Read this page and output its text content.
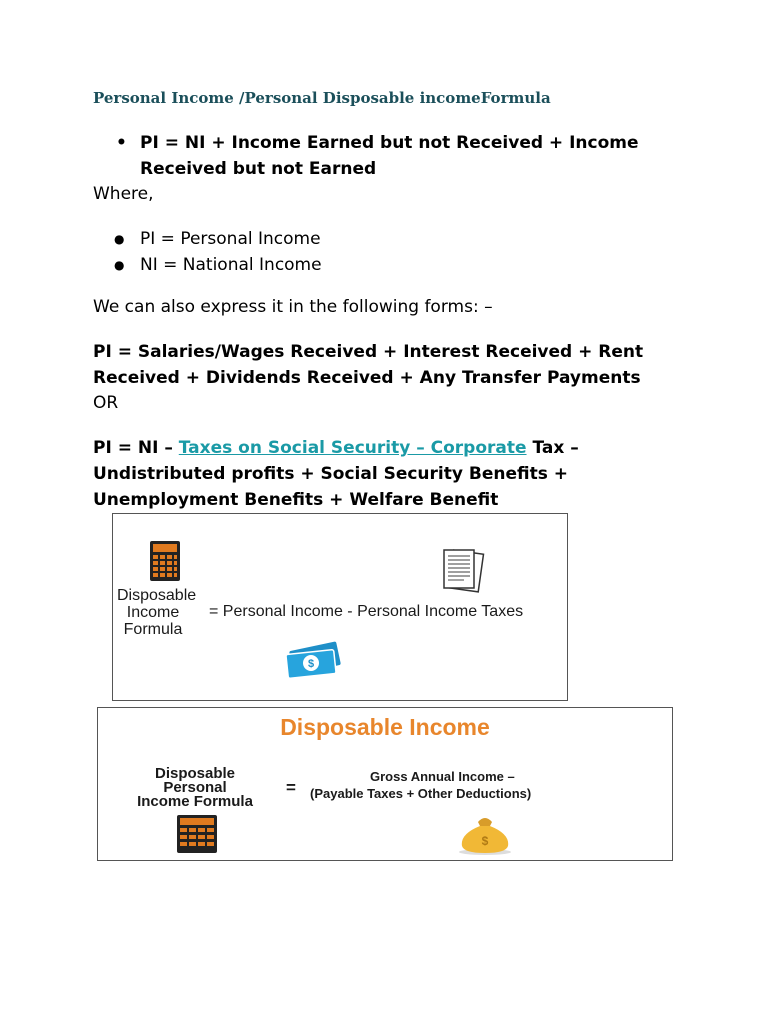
Personal Income /Personal Disposable incomeFormula
• PI = NI + Income Earned but not Received + Income Received but not Earned
Where,
● PI = Personal Income
● NI = National Income
We can also express it in the following forms: –
PI = Salaries/Wages Received + Interest Received + Rent Received + Dividends Received + Any Transfer Payments
OR
PI = NI – Taxes on Social Security – Corporate Tax – Undistributed profits + Social Security Benefits + Unemployment Benefits + Welfare Benefit
Disposable
Income
Formula
= Personal Income - Personal Income Taxes
$
Disposable Income
Disposable
Personal
Income Formula
=
Gross Annual Income –
(Payable Taxes + Other Deductions)
$
